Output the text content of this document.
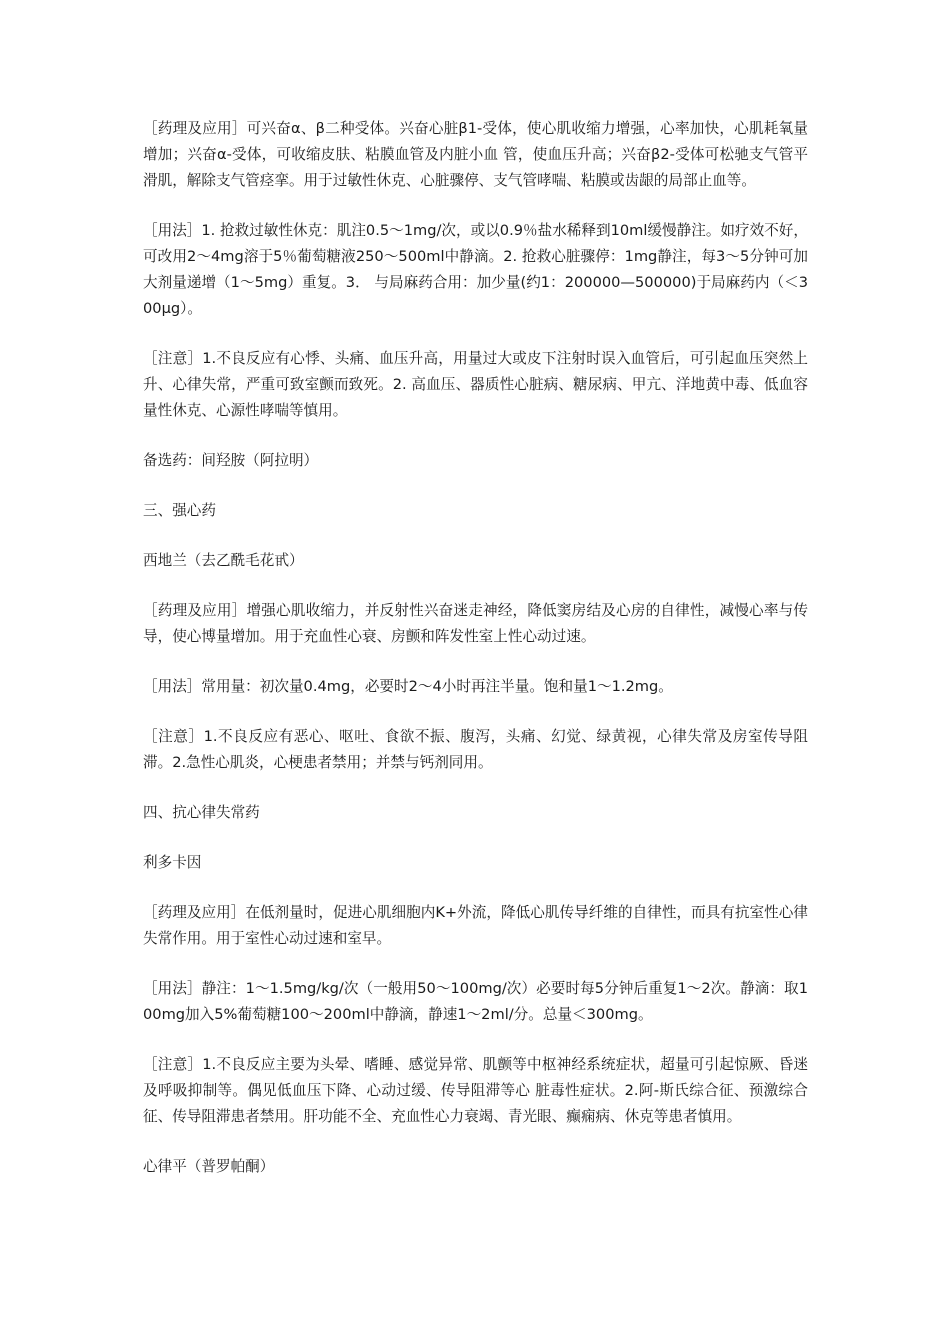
［药理及应用］可兴奋α、β二种受体。兴奋心脏β1-受体，使心肌收缩力增强，心率加快，心肌耗氧量增加；兴奋α-受体，可收缩皮肤、粘膜血管及内脏小血 管，使血压升高；兴奋β2-受体可松驰支气管平滑肌，解除支气管痉挛。用于过敏性休克、心脏骤停、支气管哮喘、粘膜或齿龈的局部止血等。

［用法］1. 抢救过敏性休克：肌注0.5～1mg/次，或以0.9％盐水稀释到10ml缓慢静注。如疗效不好，可改用2～4mg溶于5％葡萄糖液250～500ml中静滴。2. 抢救心脏骤停：1mg静注，每3～5分钟可加大剂量递增（1～5mg）重复。3． 与局麻药合用：加少量(约1：200000—500000)于局麻药内（＜300μg）。

［注意］1.不良反应有心悸、头痛、血压升高，用量过大或皮下注射时误入血管后，可引起血压突然上升、心律失常，严重可致室颤而致死。2. 高血压、器质性心脏病、糖尿病、甲亢、洋地黄中毒、低血容量性休克、心源性哮喘等慎用。

备选药：间羟胺（阿拉明）

三、强心药

西地兰（去乙酰毛花甙）

［药理及应用］增强心肌收缩力，并反射性兴奋迷走神经，降低窦房结及心房的自律性，减慢心率与传导，使心博量增加。用于充血性心衰、房颤和阵发性室上性心动过速。

［用法］常用量：初次量0.4mg，必要时2～4小时再注半量。饱和量1～1.2mg。

［注意］1.不良反应有恶心、呕吐、食欲不振、腹泻，头痛、幻觉、绿黄视，心律失常及房室传导阻滞。2.急性心肌炎，心梗患者禁用；并禁与钙剂同用。

四、抗心律失常药

利多卡因

［药理及应用］在低剂量时，促进心肌细胞内K+外流，降低心肌传导纤维的自律性，而具有抗室性心律失常作用。用于室性心动过速和室早。

［用法］静注：1～1.5mg/kg/次（一般用50～100mg/次）必要时每5分钟后重复1～2次。静滴：取100mg加入5%葡萄糖100～200ml中静滴，静速1～2ml/分。总量＜300mg。

［注意］1.不良反应主要为头晕、嗜睡、感觉异常、肌颤等中枢神经系统症状，超量可引起惊厥、昏迷及呼吸抑制等。偶见低血压下降、心动过缓、传导阻滞等心 脏毒性症状。2.阿-斯氏综合征、预激综合征、传导阻滞患者禁用。肝功能不全、充血性心力衰竭、青光眼、癫痫病、休克等患者慎用。

心律平（普罗帕酮）
